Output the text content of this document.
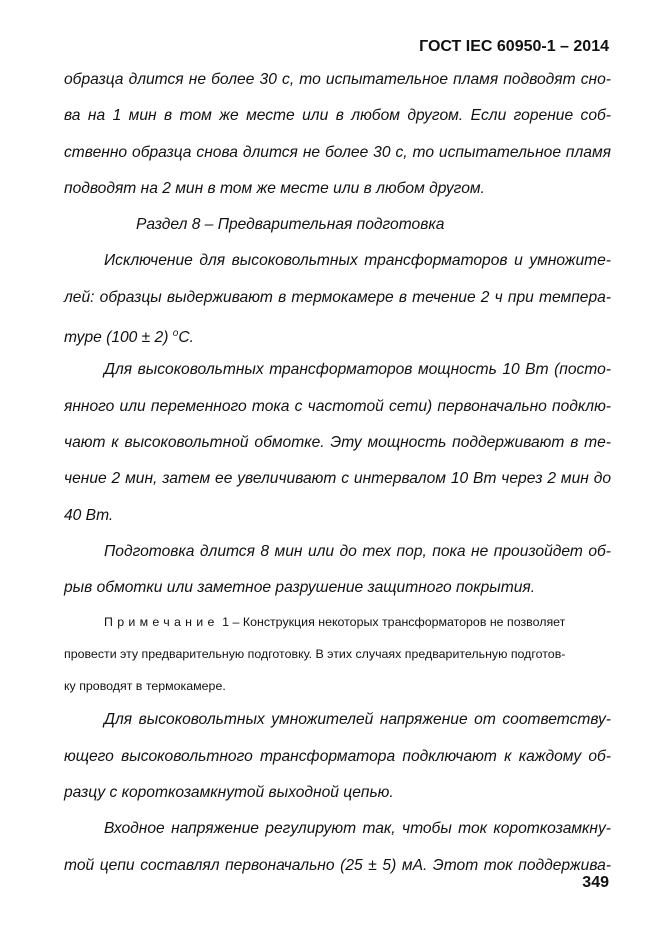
ГОСТ IEC 60950-1 – 2014
образца длится не более 30 с, то испытательное пламя подводят сно-
ва на 1 мин в том же месте или в любом другом. Если горение соб-
ственно образца снова длится не более 30 с, то испытательное пламя
подводят на 2 мин в том же месте или в любом другом.
Раздел 8 – Предварительная подготовка
Исключение для высоковольтных трансформаторов и умножите-
лей: образцы выдерживают в термокамере в течение 2 ч при темпера-
туре (100 ± 2) $^o$C.
Для высоковольтных трансформаторов мощность 10 Вт (посто-
янного или переменного тока с частотой сети) первоначально подклю-
чают к высоковольтной обмотке. Эту мощность поддерживают в те-
чение 2 мин, затем ее увеличивают с интервалом 10 Вт через 2 мин до
40 Вт.
Подготовка длится 8 мин или до тех пор, пока не произойдет об-
рыв обмотки или заметное разрушение защитного покрытия.
Примечание 1 – Конструкция некоторых трансформаторов не позволяет
провести эту предварительную подготовку. В этих случаях предварительную подготов-
ку проводят в термокамере.
Для высоковольтных умножителей напряжение от соответству-
ющего высоковольтного трансформатора подключают к каждому об-
разцу с короткозамкнутой выходной цепью.
Входное напряжение регулируют так, чтобы ток короткозамкну-
той цепи составлял первоначально (25 ± 5) мА. Этот ток поддержива-
349
